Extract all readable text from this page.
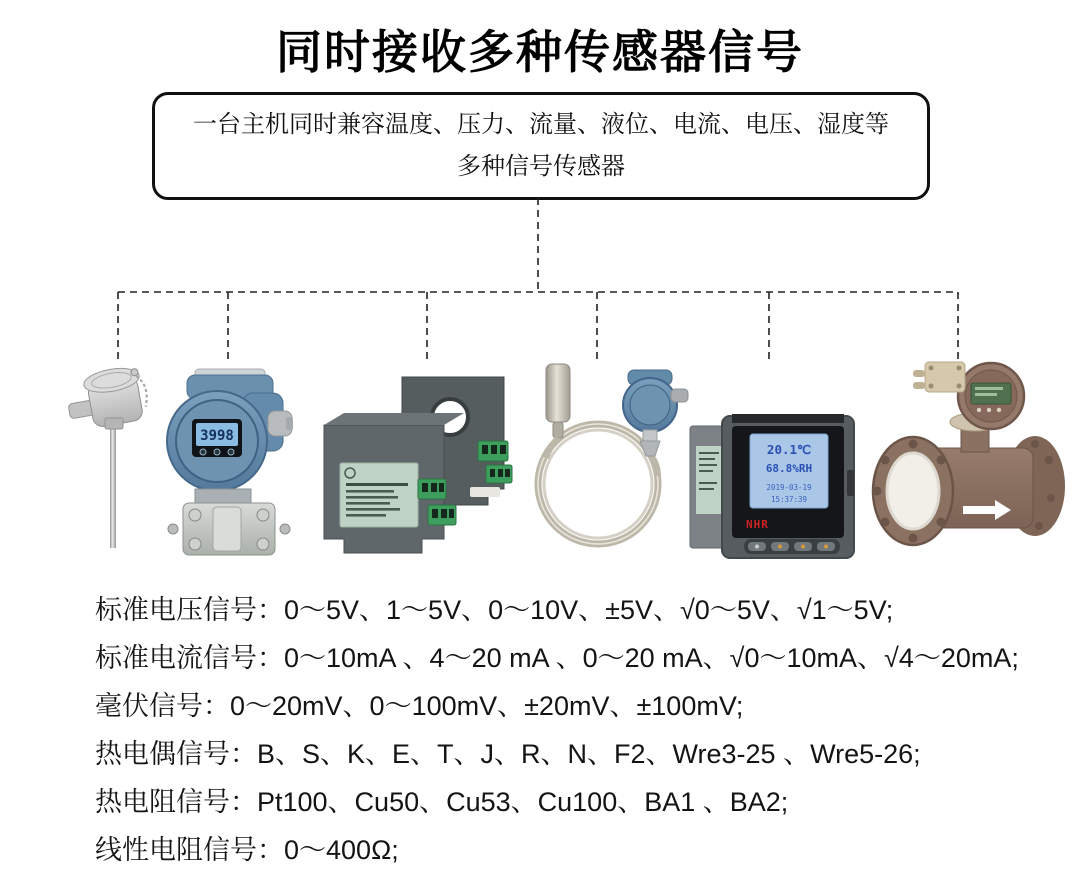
同时接收多种传感器信号
一台主机同时兼容温度、压力、流量、液位、电流、电压、湿度等
多种信号传感器
3998
20.1℃
68.8%RH
2019-03-19
15:37:39
NHR
标准电压信号：0～5V、1～5V、0～10V、±5V、√0～5V、√1～5V;
标准电流信号：0～10mA 、4～20 mA 、0～20 mA、√0～10mA、√4～20mA;
毫伏信号：0～20mV、0～100mV、±20mV、±100mV;
热电偶信号：B、S、K、E、T、J、R、N、F2、Wre3-25 、Wre5-26;
热电阻信号：Pt100、Cu50、Cu53、Cu100、BA1 、BA2;
线性电阻信号：0～400Ω;
